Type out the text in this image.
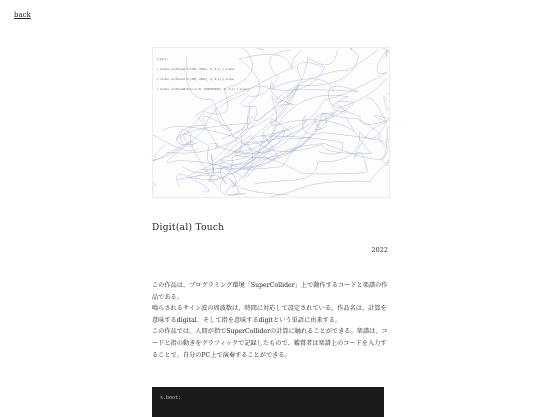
back

s.boot;

{ SinOsc.ar(MouseX.kr(200, 2000), 0, 0.1) }.scope;

{ SinOsc.ar(MouseY.kr(200, 2000), 0, 0.1) }.scope;

{ SinOsc.ar(MouseButton.kr(0, 1000000000), 0, 0.1) }.scope;

Digit(al) Touch
2022

この作品は、プログラミング環境「SuperCollider」上で動作するコードと楽譜の作品である。

鳴らされるサイン波の周波数は、時間に対応して設定されている。作品名は、計算を意味するdigital、そして指を意味するdigitという単語に由来する。

この作品では、人間が指でSuperColliderの計算に触れることができる。楽譜は、コードと指の動きをグラフィックで記録したもので、鑑賞者は楽譜上のコードを入力することで、自分のPC上で演奏することができる。

s.boot;
